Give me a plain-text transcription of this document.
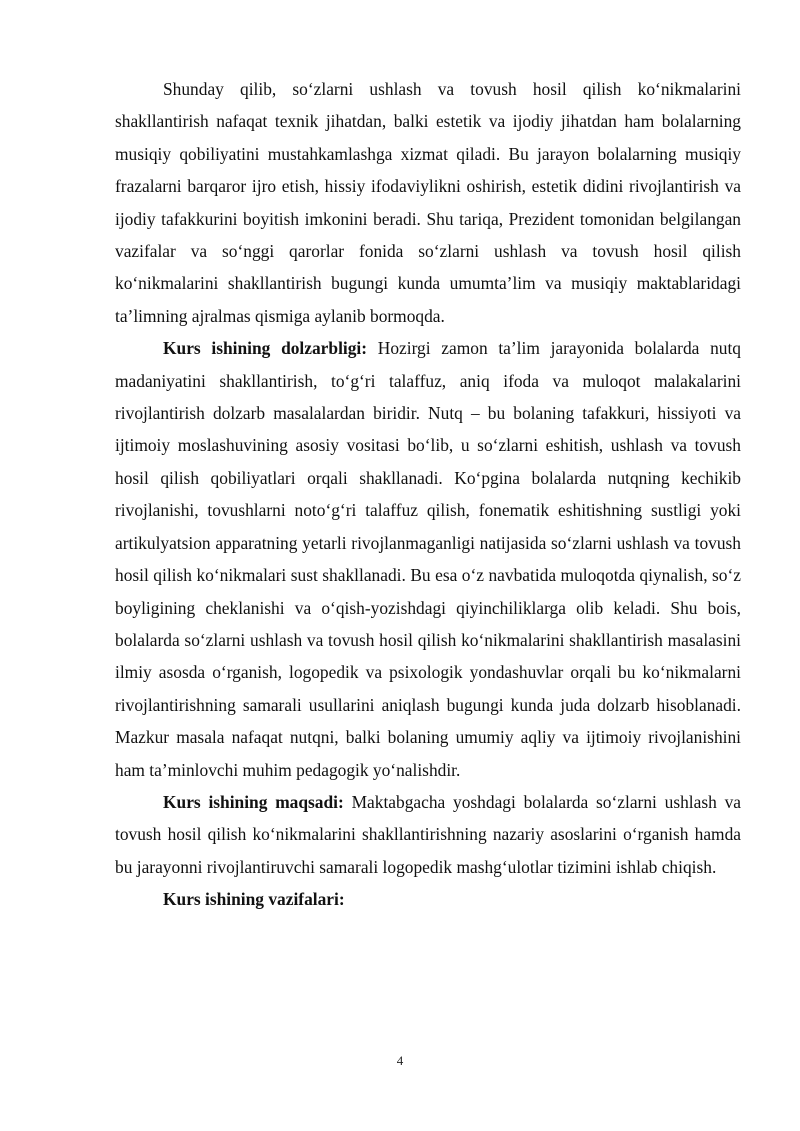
Shunday qilib, so‘zlarni ushlash va tovush hosil qilish ko‘nikmalarini shakllantirish nafaqat texnik jihatdan, balki estetik va ijodiy jihatdan ham bolalarning musiqiy qobiliyatini mustahkamlashga xizmat qiladi. Bu jarayon bolalarning musiqiy frazalarni barqaror ijro etish, hissiy ifodaviylikni oshirish, estetik didini rivojlantirish va ijodiy tafakkurini boyitish imkonini beradi. Shu tariqa, Prezident tomonidan belgilangan vazifalar va so‘nggi qarorlar fonida so‘zlarni ushlash va tovush hosil qilish ko‘nikmalarini shakllantirish bugungi kunda umumta’lim va musiqiy maktablaridagi ta’limning ajralmas qismiga aylanib bormoqda.

Kurs ishining dolzarbligi: Hozirgi zamon ta’lim jarayonida bolalarda nutq madaniyatini shakllantirish, to‘g‘ri talaffuz, aniq ifoda va muloqot malakalarini rivojlantirish dolzarb masalalardan biridir. Nutq – bu bolaning tafakkuri, hissiyoti va ijtimoiy moslashuvining asosiy vositasi bo‘lib, u so‘zlarni eshitish, ushlash va tovush hosil qilish qobiliyatlari orqali shakllanadi. Ko‘pgina bolalarda nutqning kechikib rivojlanishi, tovushlarni noto‘g‘ri talaffuz qilish, fonematik eshitishning sustligi yoki artikulyatsion apparatning yetarli rivojlanmaganligi natijasida so‘zlarni ushlash va tovush hosil qilish ko‘nikmalari sust shakllanadi. Bu esa o‘z navbatida muloqotda qiynalish, so‘z boyligining cheklanishi va o‘qish-yozishdagi qiyinchiliklarga olib keladi. Shu bois, bolalarda so‘zlarni ushlash va tovush hosil qilish ko‘nikmalarini shakllantirish masalasini ilmiy asosda o‘rganish, logopedik va psixologik yondashuvlar orqali bu ko‘nikmalarni rivojlantirishning samarali usullarini aniqlash bugungi kunda juda dolzarb hisoblanadi. Mazkur masala nafaqat nutqni, balki bolaning umumiy aqliy va ijtimoiy rivojlanishini ham ta’minlovchi muhim pedagogik yo‘nalishdir.

Kurs ishining maqsadi: Maktabgacha yoshdagi bolalarda so‘zlarni ushlash va tovush hosil qilish ko‘nikmalarini shakllantirishning nazariy asoslarini o‘rganish hamda bu jarayonni rivojlantiruvchi samarali logopedik mashg‘ulotlar tizimini ishlab chiqish.

Kurs ishining vazifalari:

4
